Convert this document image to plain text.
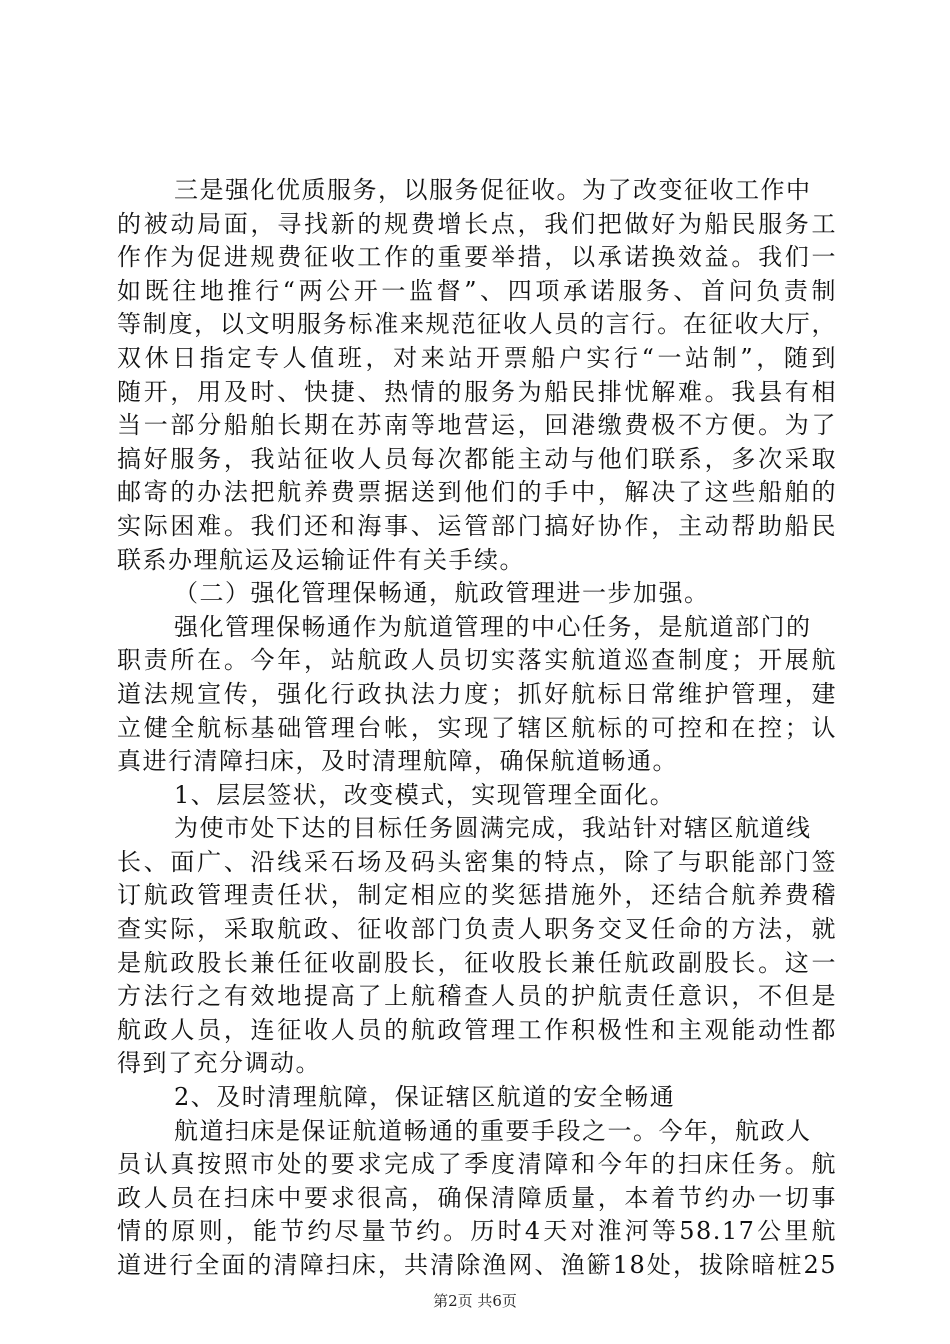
三是强化优质服务，以服务促征收。为了改变征收工作中
的被动局面，寻找新的规费增长点，我们把做好为船民服务工
作作为促进规费征收工作的重要举措，以承诺换效益。我们一
如既往地推行“两公开一监督”、四项承诺服务、首问负责制
等制度，以文明服务标准来规范征收人员的言行。在征收大厅，
双休日指定专人值班，对来站开票船户实行“一站制”，随到
随开，用及时、快捷、热情的服务为船民排忧解难。我县有相
当一部分船舶长期在苏南等地营运，回港缴费极不方便。为了
搞好服务，我站征收人员每次都能主动与他们联系，多次采取
邮寄的办法把航养费票据送到他们的手中，解决了这些船舶的
实际困难。我们还和海事、运管部门搞好协作，主动帮助船民
联系办理航运及运输证件有关手续。
（二）强化管理保畅通，航政管理进一步加强。
强化管理保畅通作为航道管理的中心任务，是航道部门的
职责所在。今年，站航政人员切实落实航道巡查制度；开展航
道法规宣传，强化行政执法力度；抓好航标日常维护管理，建
立健全航标基础管理台帐，实现了辖区航标的可控和在控；认
真进行清障扫床，及时清理航障，确保航道畅通。
1、层层签状，改变模式，实现管理全面化。
为使市处下达的目标任务圆满完成，我站针对辖区航道线
长、面广、沿线采石场及码头密集的特点，除了与职能部门签
订航政管理责任状，制定相应的奖惩措施外，还结合航养费稽
查实际，采取航政、征收部门负责人职务交叉任命的方法，就
是航政股长兼任征收副股长，征收股长兼任航政副股长。这一
方法行之有效地提高了上航稽查人员的护航责任意识，不但是
航政人员，连征收人员的航政管理工作积极性和主观能动性都
得到了充分调动。
2、及时清理航障，保证辖区航道的安全畅通
航道扫床是保证航道畅通的重要手段之一。今年，航政人
员认真按照市处的要求完成了季度清障和今年的扫床任务。航
政人员在扫床中要求很高，确保清障质量，本着节约办一切事
情的原则，能节约尽量节约。历时4天对淮河等58.17公里航
道进行全面的清障扫床，共清除渔网、渔簖18处，拔除暗桩25
第2页 共6页
